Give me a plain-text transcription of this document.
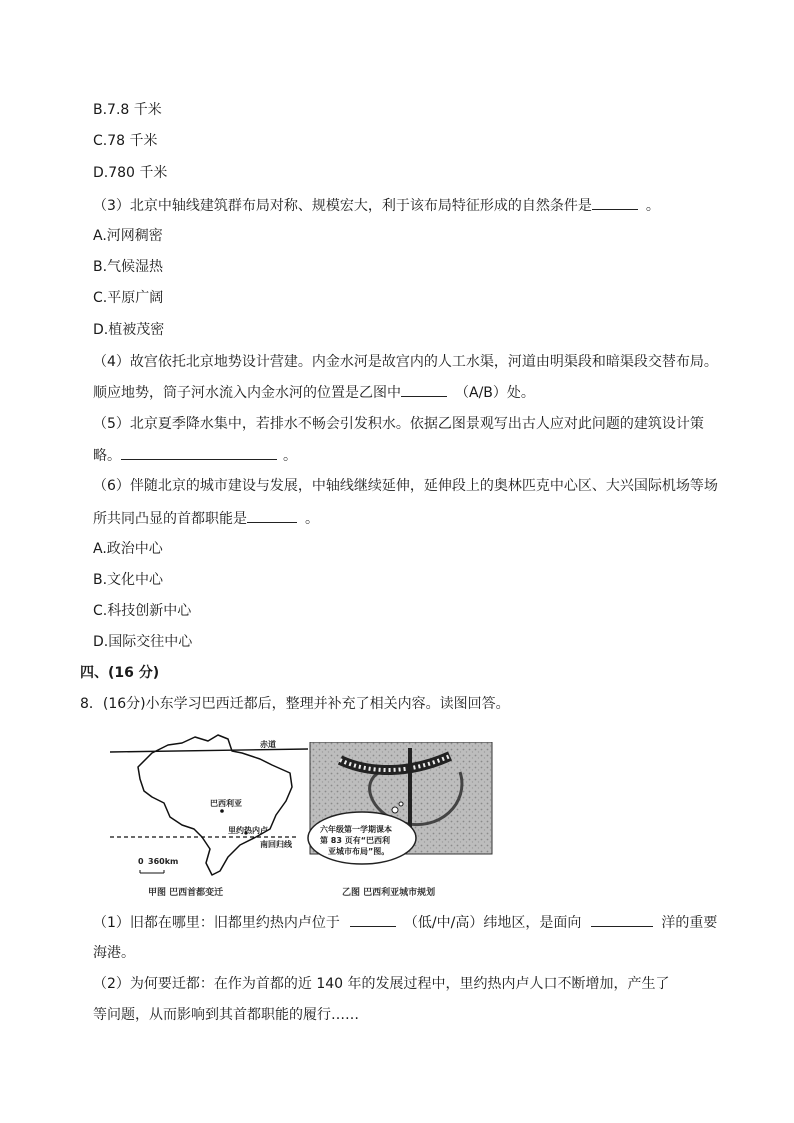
B.7.8 千米
C.78 千米
D.780 千米
（3）北京中轴线建筑群布局对称、规模宏大，利于该布局特征形成的自然条件是	。
A.河网稠密
B.气候湿热
C.平原广阔
D.植被茂密
（4）故宫依托北京地势设计营建。内金水河是故宫内的人工水渠，河道由明渠段和暗渠段交替布局。
顺应地势，筒子河水流入内金水河的位置是乙图中	（A/B）处。
（5）北京夏季降水集中，若排水不畅会引发积水。依据乙图景观写出古人应对此问题的建筑设计策
略。	。
（6）伴随北京的城市建设与发展，中轴线继续延伸，延伸段上的奥林匹克中心区、大兴国际机场等场
所共同凸显的首都职能是	。
A.政治中心
B.文化中心
C.科技创新中心
D.国际交往中心
四、(16 分)
8．(16分)小东学习巴西迁都后，整理并补充了相关内容。读图回答。
赤道
巴西利亚
里约热内卢
南回归线
0 360km
甲图 巴西首都变迁
六年级第一学期课本
第 83 页有“巴西利
亚城市布局”图。
乙图 巴西利亚城市规划
（1）旧都在哪里：旧都里约热内卢位于	（低/中/高）纬地区，是面向	洋的重要
海港。
（2）为何要迁都：在作为首都的近 140 年的发展过程中，里约热内卢人口不断增加，产生了
等问题，从而影响到其首都职能的履行……
